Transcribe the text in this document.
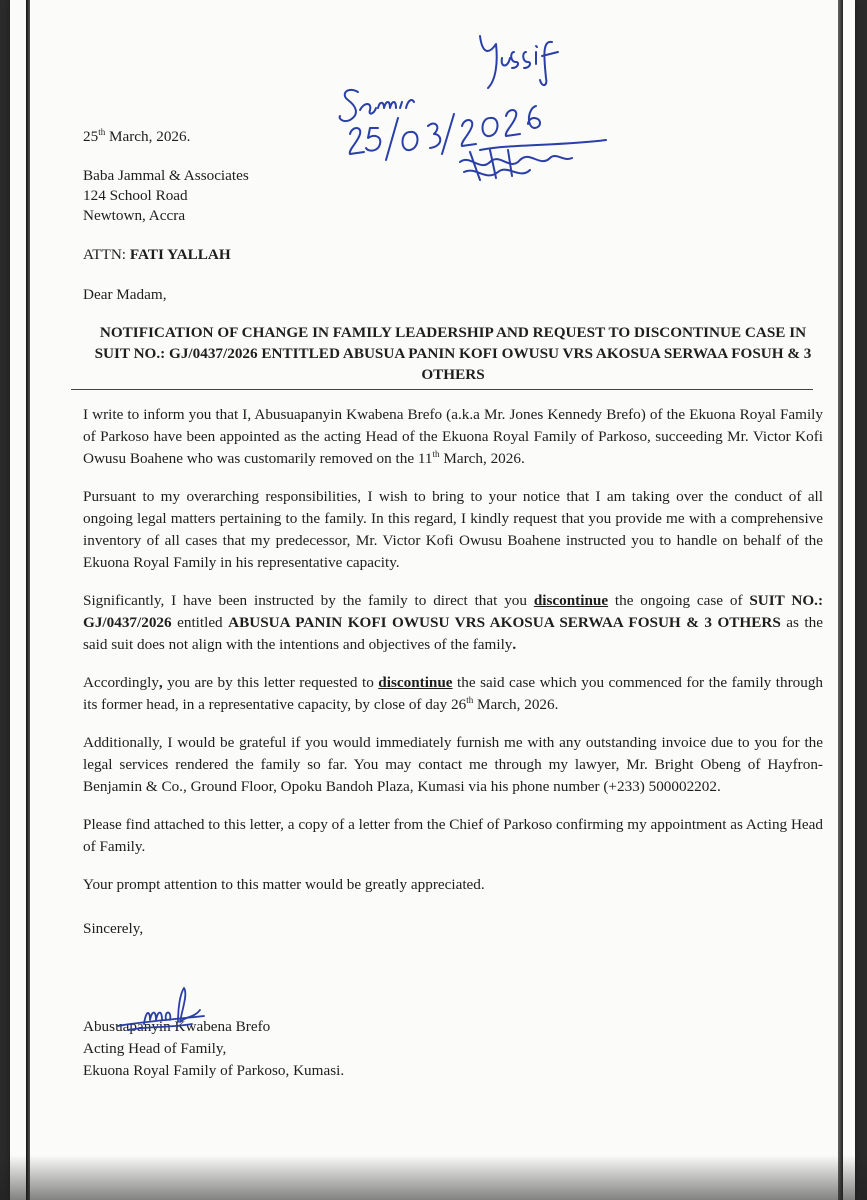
25th March, 2026.

Baba Jammal & Associates

124 School Road

Newtown, Accra

ATTN: FATI YALLAH

Dear Madam,

NOTIFICATION OF CHANGE IN FAMILY LEADERSHIP AND REQUEST TO DISCONTINUE CASE IN SUIT NO.: GJ/0437/2026 ENTITLED ABUSUA PANIN KOFI OWUSU VRS AKOSUA SERWAA FOSUH & 3 OTHERS

I write to inform you that I, Abusuapanyin Kwabena Brefo (a.k.a Mr. Jones Kennedy Brefo) of the Ekuona Royal Family of Parkoso have been appointed as the acting Head of the Ekuona Royal Family of Parkoso, succeeding Mr. Victor Kofi Owusu Boahene who was customarily removed on the 11th March, 2026.

Pursuant to my overarching responsibilities, I wish to bring to your notice that I am taking over the conduct of all ongoing legal matters pertaining to the family. In this regard, I kindly request that you provide me with a comprehensive inventory of all cases that my predecessor, Mr. Victor Kofi Owusu Boahene instructed you to handle on behalf of the Ekuona Royal Family in his representative capacity.

Significantly, I have been instructed by the family to direct that you discontinue the ongoing case of SUIT NO.: GJ/0437/2026 entitled ABUSUA PANIN KOFI OWUSU VRS AKOSUA SERWAA FOSUH & 3 OTHERS as the said suit does not align with the intentions and objectives of the family.

Accordingly, you are by this letter requested to discontinue the said case which you commenced for the family through its former head, in a representative capacity, by close of day 26th March, 2026.

Additionally, I would be grateful if you would immediately furnish me with any outstanding invoice due to you for the legal services rendered the family so far. You may contact me through my lawyer, Mr. Bright Obeng of Hayfron-Benjamin & Co., Ground Floor, Opoku Bandoh Plaza, Kumasi via his phone number (+233) 500002202.

Please find attached to this letter, a copy of a letter from the Chief of Parkoso confirming my appointment as Acting Head of Family.

Your prompt attention to this matter would be greatly appreciated.

Sincerely,

Abusuapanyin Kwabena Brefo

Acting Head of Family,

Ekuona Royal Family of Parkoso, Kumasi.
